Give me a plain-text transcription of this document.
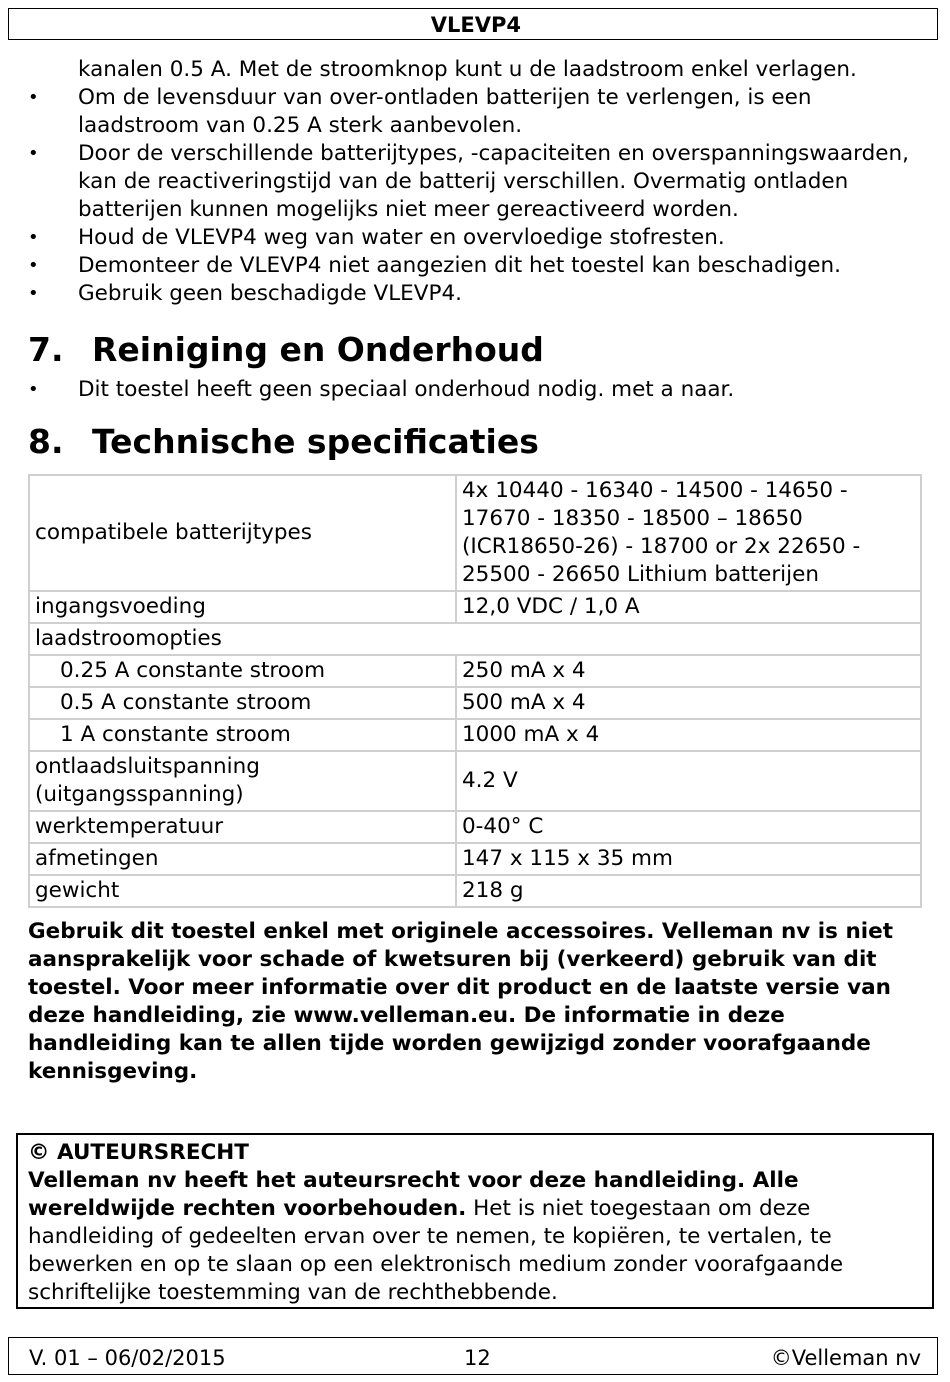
VLEVP4

kanalen 0.5 A. Met de stroomknop kunt u de laadstroom enkel verlagen.

• Om de levensduur van over-ontladen batterijen te verlengen, is een laadstroom van 0.25 A sterk aanbevolen.
• Door de verschillende batterijtypes, -capaciteiten en overspanningswaarden, kan de reactiveringstijd van de batterij verschillen. Overmatig ontladen batterijen kunnen mogelijks niet meer gereactiveerd worden.
• Houd de VLEVP4 weg van water en overvloedige stofresten.
• Demonteer de VLEVP4 niet aangezien dit het toestel kan beschadigen.
• Gebruik geen beschadigde VLEVP4.
7. Reiniging en Onderhoud
• Dit toestel heeft geen speciaal onderhoud nodig. met a naar.
8. Technische specificaties
compatibele batterijtypes	4x 10440 - 16340 - 14500 - 14650 - 17670 - 18350 - 18500 – 18650 (ICR18650-26) - 18700 or 2x 22650 - 25500 - 26650 Lithium batterijen
ingangsvoeding	12,0 VDC / 1,0 A
laadstroomopties	
0.25 A constante stroom	250 mA x 4
0.5 A constante stroom	500 mA x 4
1 A constante stroom	1000 mA x 4
ontlaadsluitspanning (uitgangsspanning)	4.2 V
werktemperatuur	0-40° C
afmetingen	147 x 115 x 35 mm
gewicht	218 g

Gebruik dit toestel enkel met originele accessoires. Velleman nv is niet aansprakelijk voor schade of kwetsuren bij (verkeerd) gebruik van dit toestel. Voor meer informatie over dit product en de laatste versie van deze handleiding, zie www.velleman.eu. De informatie in deze handleiding kan te allen tijde worden gewijzigd zonder voorafgaande kennisgeving.

© AUTEURSRECHT
Velleman nv heeft het auteursrecht voor deze handleiding. Alle wereldwijde rechten voorbehouden. Het is niet toegestaan om deze handleiding of gedeelten ervan over te nemen, te kopiëren, te vertalen, te bewerken en op te slaan op een elektronisch medium zonder voorafgaande schriftelijke toestemming van de rechthebbende.
V. 01 – 06/02/2015	12	©Velleman nv
